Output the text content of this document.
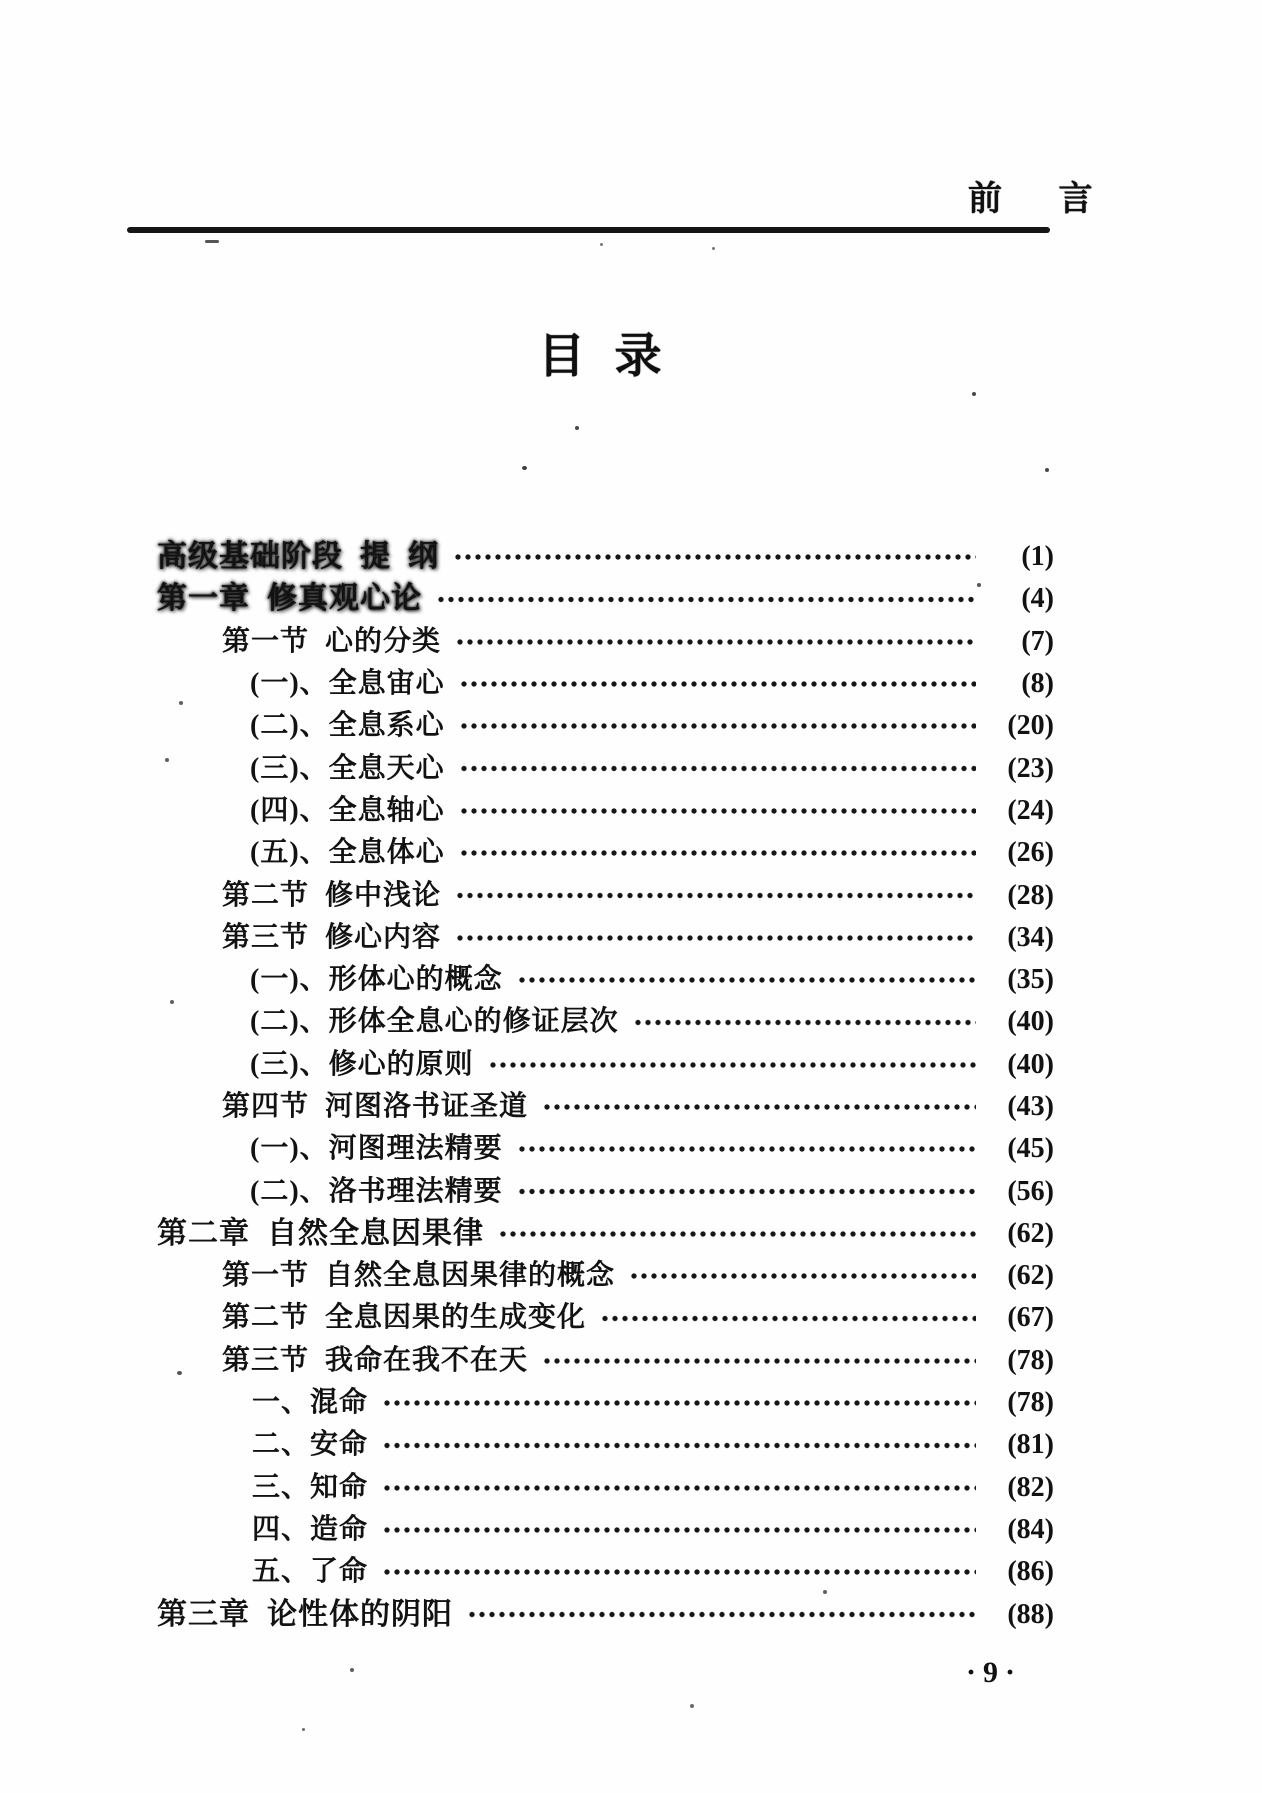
前 言
目  录
高级基础阶段  提  纲	(1)
第一章  修真观心论	(4)
第一节  心的分类	(7)
(一)、全息宙心	(8)
(二)、全息系心	(20)
(三)、全息天心	(23)
(四)、全息轴心	(24)
(五)、全息体心	(26)
第二节  修中浅论	(28)
第三节  修心内容	(34)
(一)、形体心的概念	(35)
(二)、形体全息心的修证层次	(40)
(三)、修心的原则	(40)
第四节  河图洛书证圣道	(43)
(一)、河图理法精要	(45)
(二)、洛书理法精要	(56)
第二章  自然全息因果律	(62)
第一节  自然全息因果律的概念	(62)
第二节  全息因果的生成变化	(67)
第三节  我命在我不在天	(78)
一、混命	(78)
二、安命	(81)
三、知命	(82)
四、造命	(84)
五、了命	(86)
第三章  论性体的阴阳	(88)
·9·
